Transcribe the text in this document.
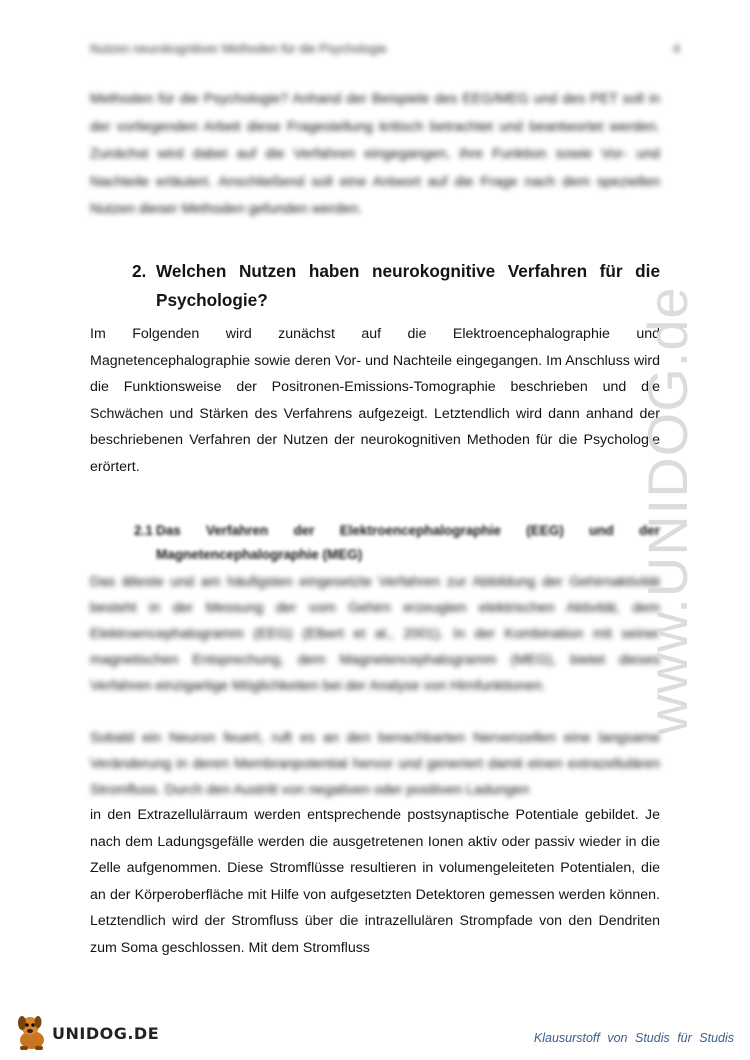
Nutzen neurokognitiver Methoden für die Psychologie	4

Methoden für die Psychologie? Anhand der Beispiele des EEG/MEG und des PET soll in der vorliegenden Arbeit diese Fragestellung kritisch betrachtet und beantwortet werden. Zunächst wird dabei auf die Verfahren eingegangen, ihre Funktion sowie Vor- und Nachteile erläutert. Anschließend soll eine Antwort auf die Frage nach dem speziellen Nutzen dieser Methoden gefunden werden.

2. Welchen Nutzen haben neurokognitive Verfahren für die Psychologie?

Im Folgenden wird zunächst auf die Elektroencephalographie und Magnetencephalographie sowie deren Vor- und Nachteile eingegangen. Im Anschluss wird die Funktionsweise der Positronen-Emissions-Tomographie beschrieben und die Schwächen und Stärken des Verfahrens aufgezeigt. Letztendlich wird dann anhand der beschriebenen Verfahren der Nutzen der neurokognitiven Methoden für die Psychologie erörtert.

2.1 Das Verfahren der Elektroencephalographie (EEG) und der Magnetencephalographie (MEG)

Das älteste und am häufigsten eingesetzte Verfahren zur Abbildung der Gehirnaktivität besteht in der Messung der vom Gehirn erzeugten elektrischen Aktivität, dem Elektroencephalogramm (EEG) (Elbert et al., 2001). In der Kombination mit seiner magnetischen Entsprechung, dem Magnetencephalogramm (MEG), bietet dieses Verfahren einzigartige Möglichkeiten bei der Analyse von Hirnfunktionen.

Sobald ein Neuron feuert, ruft es an den benachbarten Nervenzellen eine langsame Veränderung in deren Membranpotential hervor und generiert damit einen extrazellulären Stromfluss. Durch den Austritt von negativen oder positiven Ladungen

in den Extrazellulärraum werden entsprechende postsynaptische Potentiale gebildet. Je nach dem Ladungsgefälle werden die ausgetretenen Ionen aktiv oder passiv wieder in die Zelle aufgenommen. Diese Stromflüsse resultieren in volumengeleiteten Potentialen, die an der Körperoberfläche mit Hilfe von aufgesetzten Detektoren gemessen werden können. Letztendlich wird der Stromfluss über die intrazellulären Strompfade von den Dendriten zum Soma geschlossen. Mit dem Stromfluss

www.UNIDOG.de
UNIDOG.DE	Klausurstoff von Studis für Studis
